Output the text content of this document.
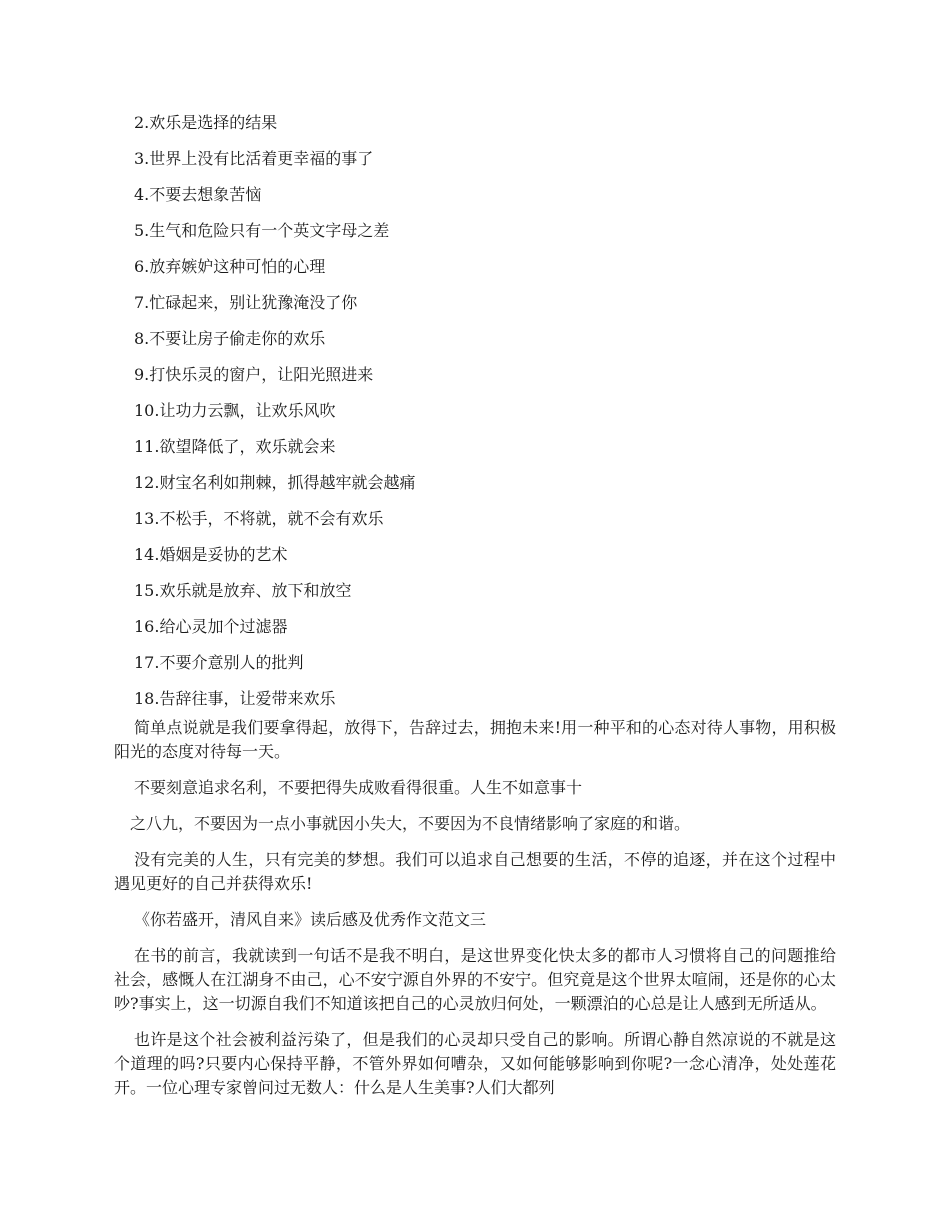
2.欢乐是选择的结果
3.世界上没有比活着更幸福的事了
4.不要去想象苦恼
5.生气和危险只有一个英文字母之差
6.放弃嫉妒这种可怕的心理
7.忙碌起来，别让犹豫淹没了你
8.不要让房子偷走你的欢乐
9.打快乐灵的窗户，让阳光照进来
10.让功力云飘，让欢乐风吹
11.欲望降低了，欢乐就会来
12.财宝名利如荆棘，抓得越牢就会越痛
13.不松手，不将就，就不会有欢乐
14.婚姻是妥协的艺术
15.欢乐就是放弃、放下和放空
16.给心灵加个过滤器
17.不要介意别人的批判
18.告辞往事，让爱带来欢乐

简单点说就是我们要拿得起，放得下，告辞过去，拥抱未来!用一种平和的心态对待人事物，用积极阳光的态度对待每一天。

不要刻意追求名利，不要把得失成败看得很重。人生不如意事十

之八九，不要因为一点小事就因小失大，不要因为不良情绪影响了家庭的和谐。

没有完美的人生，只有完美的梦想。我们可以追求自己想要的生活，不停的追逐，并在这个过程中遇见更好的自己并获得欢乐!

《你若盛开，清风自来》读后感及优秀作文范文三

在书的前言，我就读到一句话不是我不明白，是这世界变化快太多的都市人习惯将自己的问题推给社会，感慨人在江湖身不由己，心不安宁源自外界的不安宁。但究竟是这个世界太喧闹，还是你的心太吵?事实上，这一切源自我们不知道该把自己的心灵放归何处，一颗漂泊的心总是让人感到无所适从。

也许是这个社会被利益污染了，但是我们的心灵却只受自己的影响。所谓心静自然凉说的不就是这个道理的吗?只要内心保持平静，不管外界如何嘈杂，又如何能够影响到你呢?一念心清净，处处莲花开。一位心理专家曾问过无数人：什么是人生美事?人们大都列
